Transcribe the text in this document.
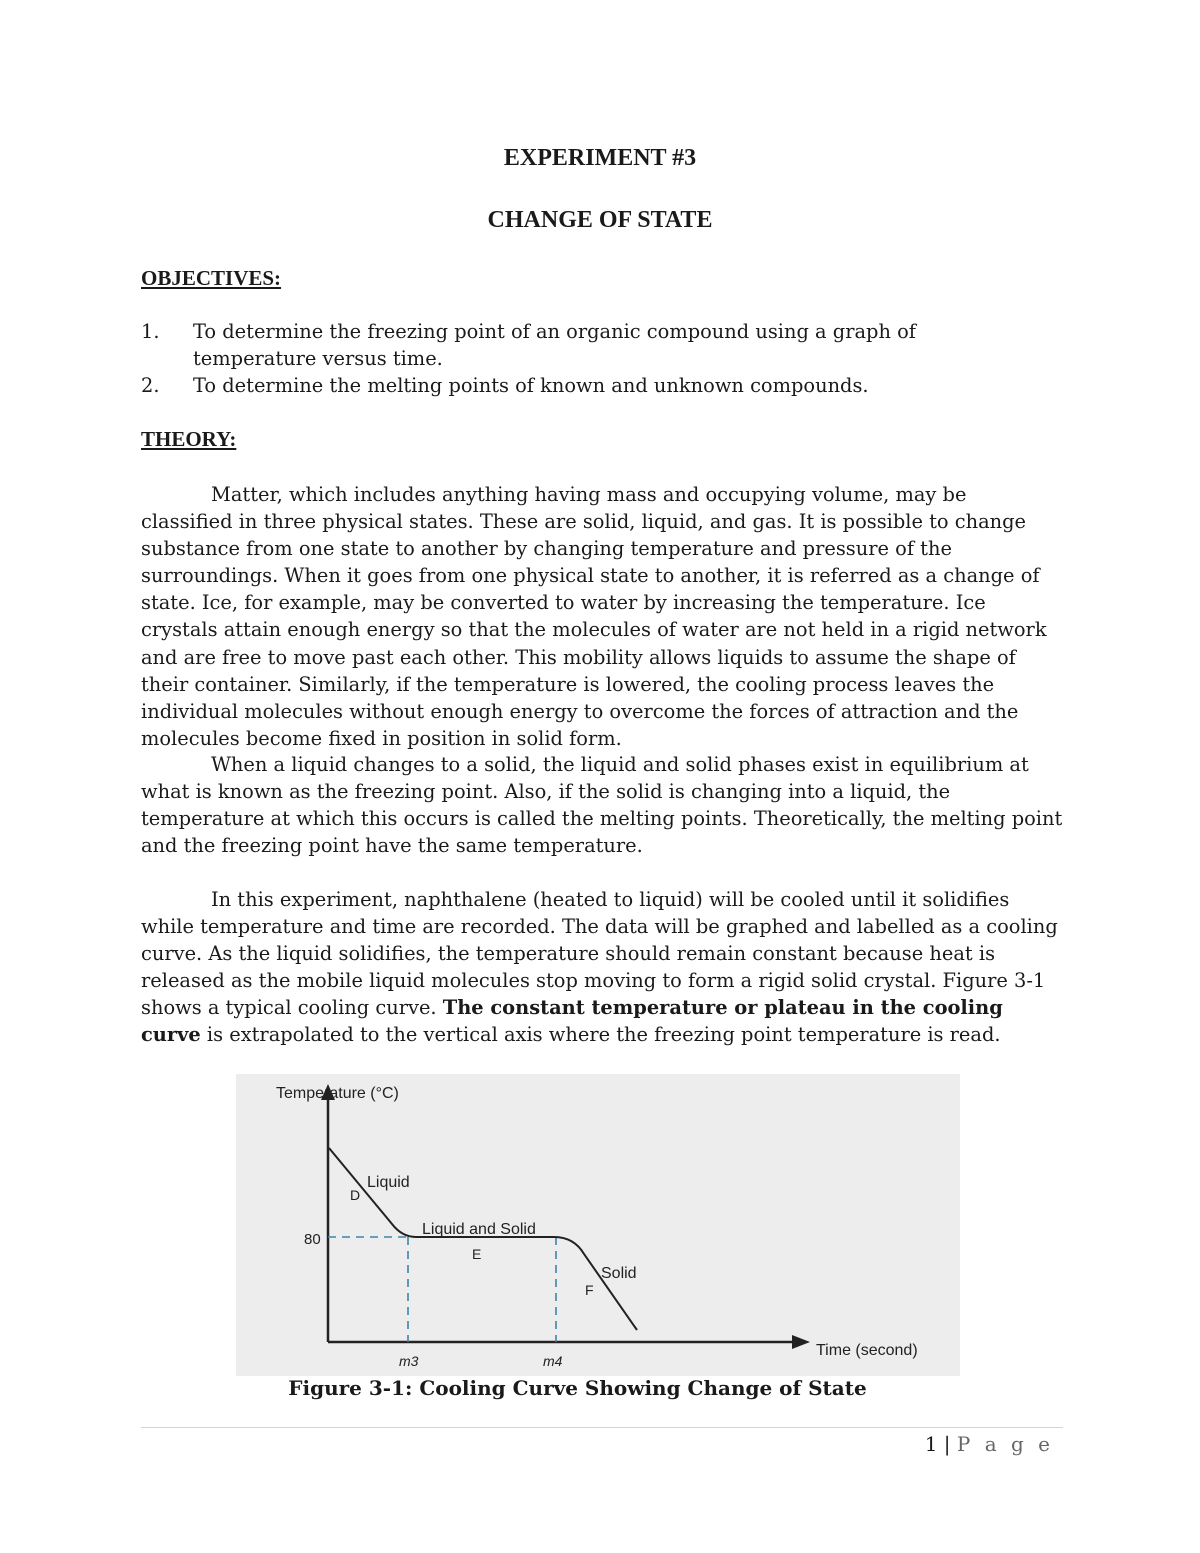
EXPERIMENT #3
CHANGE OF STATE
OBJECTIVES:
1. To determine the freezing point of an organic compound using a graph of temperature versus time.
2. To determine the melting points of known and unknown compounds.
THEORY:

Matter, which includes anything having mass and occupying volume, may be classified in three physical states. These are solid, liquid, and gas. It is possible to change substance from one state to another by changing temperature and pressure of the surroundings. When it goes from one physical state to another, it is referred as a change of state. Ice, for example, may be converted to water by increasing the temperature. Ice crystals attain enough energy so that the molecules of water are not held in a rigid network and are free to move past each other. This mobility allows liquids to assume the shape of their container. Similarly, if the temperature is lowered, the cooling process leaves the individual molecules without enough energy to overcome the forces of attraction and the molecules become fixed in position in solid form.

When a liquid changes to a solid, the liquid and solid phases exist in equilibrium at what is known as the freezing point. Also, if the solid is changing into a liquid, the temperature at which this occurs is called the melting points. Theoretically, the melting point and the freezing point have the same temperature.

In this experiment, naphthalene (heated to liquid) will be cooled until it solidifies while temperature and time are recorded. The data will be graphed and labelled as a cooling curve. As the liquid solidifies, the temperature should remain constant because heat is released as the mobile liquid molecules stop moving to form a rigid solid crystal. Figure 3-1 shows a typical cooling curve. The constant temperature or plateau in the cooling curve is extrapolated to the vertical axis where the freezing point temperature is read.

Temperature (°C)
Time (second)
80
m3	m4
Liquid
D
Liquid and Solid
E
Solid
F
Figure 3-1: Cooling Curve Showing Change of State
1 | P a g e
